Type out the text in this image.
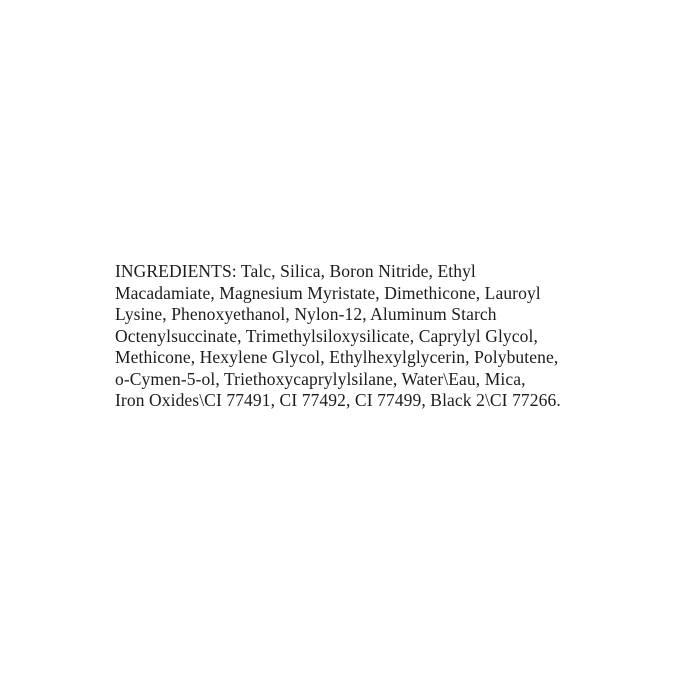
INGREDIENTS: Talc, Silica, Boron Nitride, Ethyl
Macadamiate, Magnesium Myristate, Dimethicone, Lauroyl
Lysine, Phenoxyethanol, Nylon-12, Aluminum Starch
Octenylsuccinate, Trimethylsiloxysilicate, Caprylyl Glycol,
Methicone, Hexylene Glycol, Ethylhexylglycerin, Polybutene,
o-Cymen-5-ol, Triethoxycaprylylsilane, Water\Eau, Mica,
Iron Oxides\CI 77491, CI 77492, CI 77499, Black 2\CI 77266.
